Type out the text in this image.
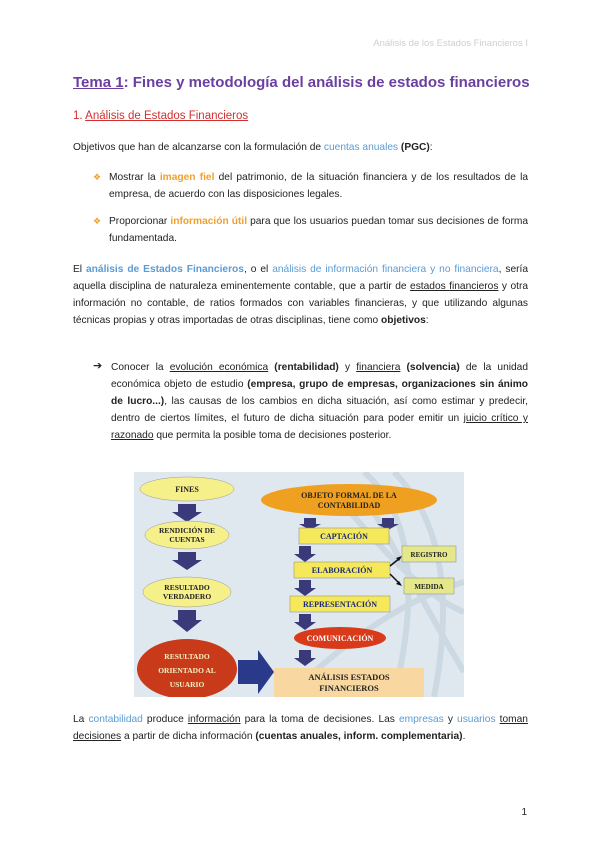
Análisis de los Estados Financieros I
Tema 1: Fines y metodología del análisis de estados financieros
1. Análisis de Estados Financieros
Objetivos que han de alcanzarse con la formulación de cuentas anuales (PGC):
❖ Mostrar la imagen fiel del patrimonio, de la situación financiera y de los resultados de la empresa, de acuerdo con las disposiciones legales.
❖ Proporcionar información útil para que los usuarios puedan tomar sus decisiones de forma fundamentada.
El análisis de Estados Financieros, o el análisis de información financiera y no financiera, sería aquella disciplina de naturaleza eminentemente contable, que a partir de estados financieros y otra información no contable, de ratios formados con variables financieras, y que utilizando algunas técnicas propias y otras importadas de otras disciplinas, tiene como objetivos:
➔ Conocer la evolución económica (rentabilidad) y financiera (solvencia) de la unidad económica objeto de estudio (empresa, grupo de empresas, organizaciones sin ánimo de lucro...), las causas de los cambios en dicha situación, así como estimar y predecir, dentro de ciertos límites, el futuro de dicha situación para poder emitir un juicio crítico y razonado que permita la posible toma de decisiones posterior.
FINES
RENDICIÓN DE
CUENTAS
RESULTADO
VERDADERO
RESULTADO
ORIENTADO AL
USUARIO
OBJETO FORMAL DE LA
CONTABILIDAD
CAPTACIÓN
ELABORACIÓN
REGISTRO
MEDIDA
REPRESENTACIÓN
COMUNICACIÓN
ANÁLISIS ESTADOS
FINANCIEROS
La contabilidad produce información para la toma de decisiones. Las empresas y usuarios toman decisiones a partir de dicha información (cuentas anuales, inform. complementaria).
1
